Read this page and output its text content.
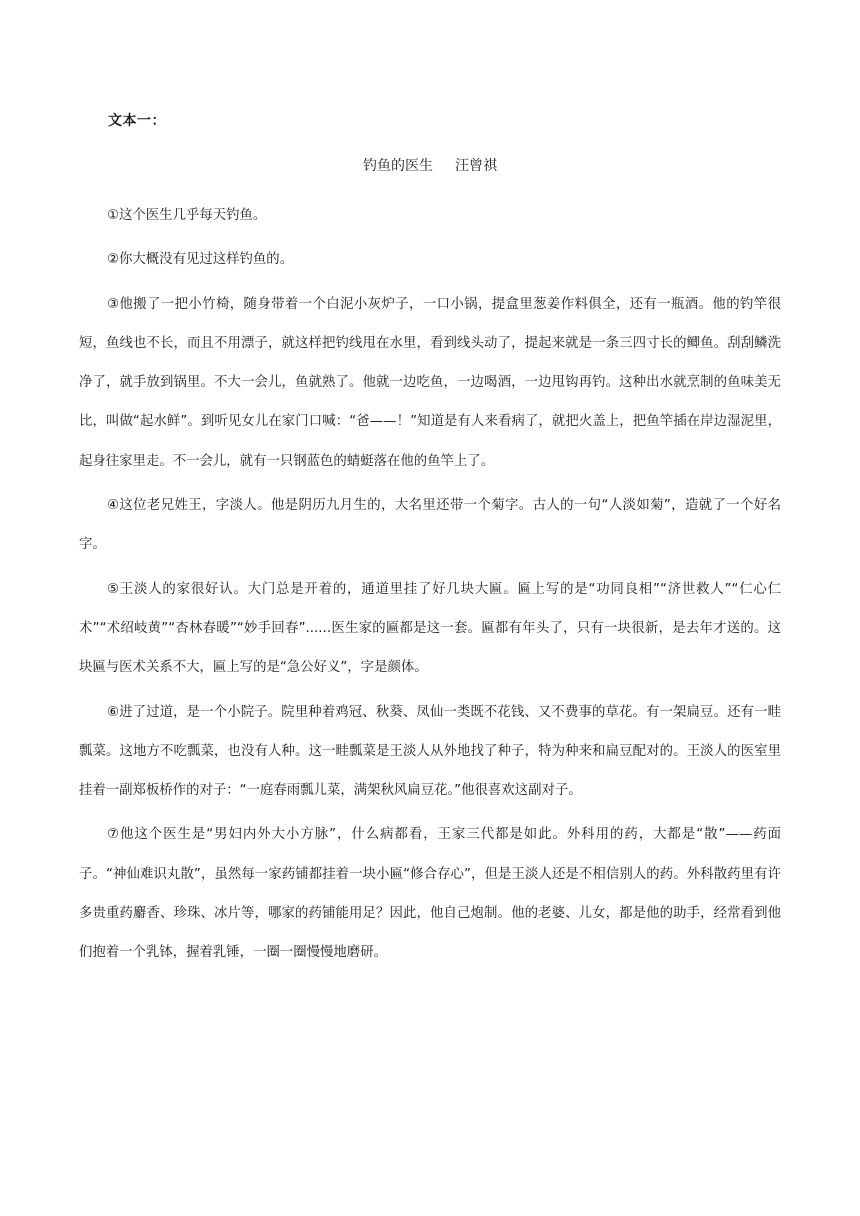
文本一：
钓鱼的医生 汪曾祺

①这个医生几乎每天钓鱼。

②你大概没有见过这样钓鱼的。

③他搬了一把小竹椅，随身带着一个白泥小灰炉子，一口小锅，提盒里葱姜作料俱全，还有一瓶酒。他的钓竿很短，鱼线也不长，而且不用漂子，就这样把钓线甩在水里，看到线头动了，提起来就是一条三四寸长的鲫鱼。刮刮鳞洗净了，就手放到锅里。不大一会儿，鱼就熟了。他就一边吃鱼，一边喝酒，一边甩钩再钓。这种出水就烹制的鱼味美无比，叫做“起水鲜”。到听见女儿在家门口喊：“爸——！”知道是有人来看病了，就把火盖上，把鱼竿插在岸边湿泥里，起身往家里走。不一会儿，就有一只钢蓝色的蜻蜓落在他的鱼竿上了。

④这位老兄姓王，字淡人。他是阴历九月生的，大名里还带一个菊字。古人的一句“人淡如菊”，造就了一个好名字。

⑤王淡人的家很好认。大门总是开着的，通道里挂了好几块大匾。匾上写的是“功同良相”“济世救人”“仁心仁术”“术绍岐黄”“杏林春暖”“妙手回春”......医生家的匾都是这一套。匾都有年头了，只有一块很新，是去年才送的。这块匾与医术关系不大，匾上写的是“急公好义”，字是颜体。

⑥进了过道，是一个小院子。院里种着鸡冠、秋葵、凤仙一类既不花钱、又不费事的草花。有一架扁豆。还有一畦瓢菜。这地方不吃瓢菜，也没有人种。这一畦瓢菜是王淡人从外地找了种子，特为种来和扁豆配对的。王淡人的医室里挂着一副郑板桥作的对子：“一庭春雨瓢儿菜，满架秋风扁豆花。”他很喜欢这副对子。

⑦他这个医生是“男妇内外大小方脉”，什么病都看，王家三代都是如此。外科用的药，大都是“散”——药面子。“神仙难识丸散”，虽然每一家药铺都挂着一块小匾“修合存心”，但是王淡人还是不相信别人的药。外科散药里有许多贵重药麝香、珍珠、冰片等，哪家的药铺能用足？因此，他自己炮制。他的老婆、儿女，都是他的助手，经常看到他们抱着一个乳钵，握着乳锤，一圈一圈慢慢地磨研。
